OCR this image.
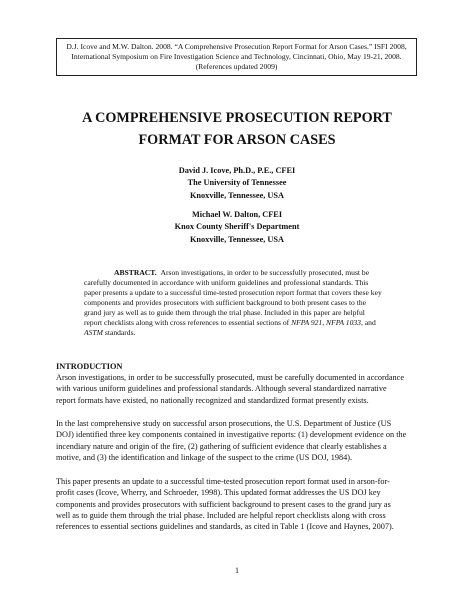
D.J. Icove and M.W. Dalton. 2008. “A Comprehensive Prosecution Report Format for Arson Cases.” ISFI 2008,
International Symposium on Fire Investigation Science and Technology, Cincinnati, Ohio, May 19-21, 2008.
(References updated 2009)
A COMPREHENSIVE PROSECUTION REPORT
FORMAT FOR ARSON CASES
David J. Icove, Ph.D., P.E., CFEI
The University of Tennessee
Knoxville, Tennessee, USA
Michael W. Dalton, CFEI
Knox County Sheriff's Department
Knoxville, Tennessee, USA
ABSTRACT. Arson investigations, in order to be successfully prosecuted, must be
carefully documented in accordance with uniform guidelines and professional standards. This
paper presents a update to a successful time-tested prosecution report format that covers these key
components and provides prosecutors with sufficient background to both present cases to the
grand jury as well as to guide them through the trial phase. Included in this paper are helpful
report checklists along with cross references to essential sections of NFPA 921, NFPA 1033, and
ASTM standards.
INTRODUCTION
Arson investigations, in order to be successfully prosecuted, must be carefully documented in accordance
with various uniform guidelines and professional standards. Although several standardized narrative
report formats have existed, no nationally recognized and standardized format presently exists.
In the last comprehensive study on successful arson prosecutions, the U.S. Department of Justice (US
DOJ) identified three key components contained in investigative reports: (1) development evidence on the
incendiary nature and origin of the fire, (2) gathering of sufficient evidence that clearly establishes a
motive, and (3) the identification and linkage of the suspect to the crime (US DOJ, 1984).
This paper presents an update to a successful time-tested prosecution report format used in arson-for-
profit cases (Icove, Wherry, and Schroeder, 1998). This updated format addresses the US DOJ key
components and provides prosecutors with sufficient background to present cases to the grand jury as
well as to guide them through the trial phase. Included are helpful report checklists along with cross
references to essential sections guidelines and standards, as cited in Table 1 (Icove and Haynes, 2007).
1
